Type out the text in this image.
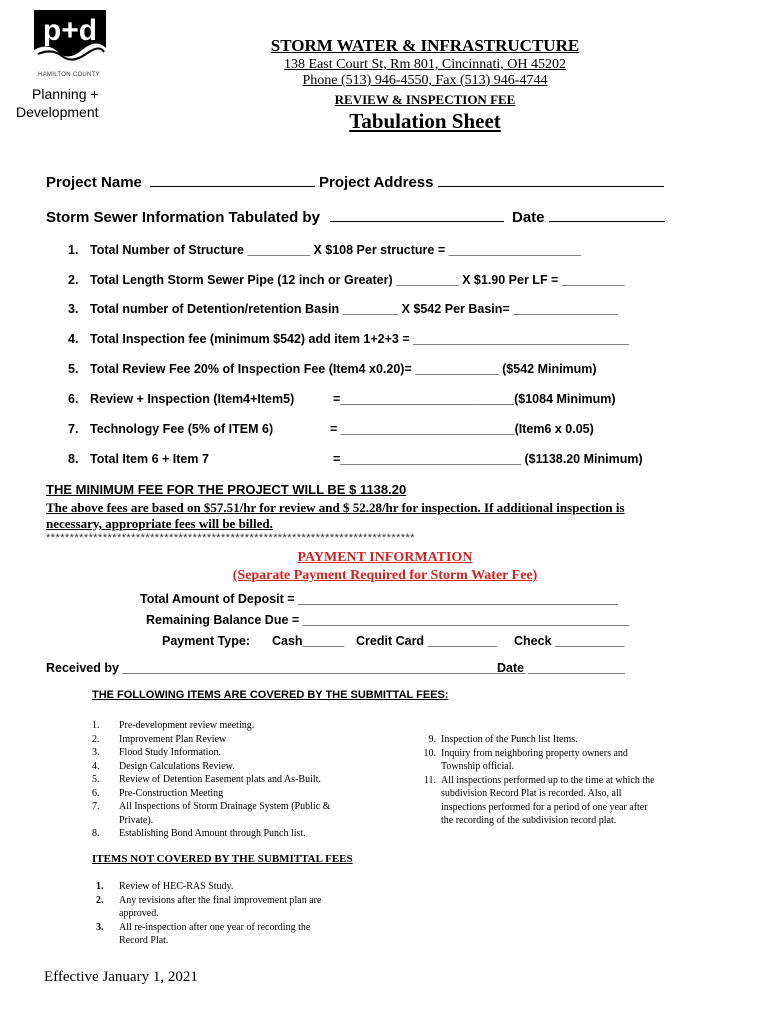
p+d
HAMILTON COUNTY
Planning +
Development
STORM WATER & INFRASTRUCTURE
138 East Court St, Rm 801, Cincinnati, OH 45202
Phone (513) 946-4550, Fax (513) 946-4744
REVIEW & INSPECTION FEE
Tabulation Sheet
Project Name	Project Address
Storm Sewer Information Tabulated by	Date
1. Total Number of Structure _________ X $108 Per structure = ___________________
2. Total Length Storm Sewer Pipe (12 inch or Greater) _________ X $1.90 Per LF = _________
3. Total number of Detention/retention Basin ________ X $542 Per Basin= _______________
4. Total Inspection fee (minimum $542) add item 1+2+3 = _______________________________
5. Total Review Fee 20% of Inspection Fee (Item4 x0.20)= ____________ ($542 Minimum)
6. Review + Inspection (Item4+Item5)	=_________________________($1084 Minimum)
7. Technology Fee (5% of ITEM 6)	= _________________________(Item6 x 0.05)
8. Total Item 6 + Item 7	=__________________________ ($1138.20 Minimum)
THE MINIMUM FEE FOR THE PROJECT WILL BE $ 1138.20
The above fees are based on $57.51/hr for review and $ 52.28/hr for inspection. If additional inspection is
necessary, appropriate fees will be billed.
******************************************************************************
PAYMENT INFORMATION
(Separate Payment Required for Storm Water Fee)
Total Amount of Deposit = ______________________________________________
Remaining Balance Due = _______________________________________________
Payment Type: Cash______ Credit Card __________ Check __________
Received by __________________________________________________________
Date ______________
THE FOLLOWING ITEMS ARE COVERED BY THE SUBMITTAL FEES:
1. Pre-development review meeting.
2. Improvement Plan Review
3. Flood Study Information.
4. Design Calculations Review.
5. Review of Detention Easement plats and As-Built.
6. Pre-Construction Meeting
7. All Inspections of Storm Drainage System (Public &
Private).
8. Establishing Bond Amount through Punch list.
9. Inspection of the Punch list Items.
10. Inquiry from neighboring property owners and
Township official.
11. All inspections performed up to the time at which the
subdivision Record Plat is recorded. Also, all
inspections performed for a period of one year after
the recording of the subdivision record plat.
ITEMS NOT COVERED BY THE SUBMITTAL FEES
1. Review of HEC-RAS Study.
2. Any revisions after the final improvement plan are
approved.
3. All re-inspection after one year of recording the
Record Plat.
Effective January 1, 2021
